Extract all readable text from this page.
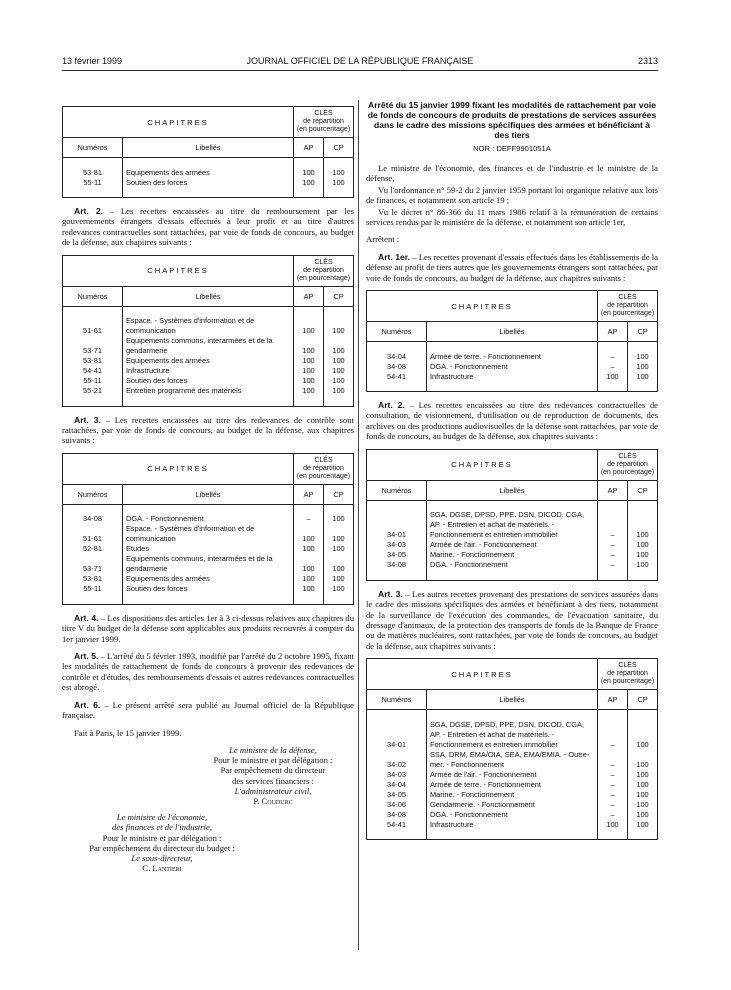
13 février 1999	JOURNAL OFFICIEL DE LA RÉPUBLIQUE FRANÇAISE	2313
CHAPITRES		CLÉS
de répartition
(en pourcentage)	

Numéros	Libellés	AP	CP

53-81	Equipements des armées	100	100
55-11	Soutien des forces	100	100

Art. 2. – Les recettes encaissées au titre du remboursement par les gouvernements étrangers d'essais effectués à leur profit et au titre d'autres redevances contractuelles sont rattachées, par voie de fonds de concours, au budget de la défense, aux chapitres suivants :

CHAPITRES		CLÉS
de répartition
(en pourcentage)	

Numéros	Libellés	AP	CP

51-61	Espace. - Systèmes d'information et de communication	100	100
53-71	Equipements communs, interarmées et de la gendarmerie	100	100
53-81	Equipements des armées	100	100
54-41	Infrastructure	100	100
55-11	Soutien des forces	100	100
55-21	Entretien programmé des matériels	100	100

Art. 3. – Les recettes encaissées au titre des redevances de contrôle sont rattachées, par voie de fonds de concours, au budget de la défense, aux chapitres suivants :

CHAPITRES		CLÉS
de répartition
(en pourcentage)	

Numéros	Libellés	AP	CP

34-08	DGA. - Fonctionnement	–	100
51-61	Espace. - Systèmes d'information et de communication	100	100
52-81	Etudes	100	100
53-71	Equipements communs, interarmées et de la gendarmerie	100	100
53-81	Equipements des armées	100	100
55-11	Soutien des forces	100	100

Art. 4. – Les dispositions des articles 1er à 3 ci-dessus relatives aux chapitres du titre V du budget de la défense sont applicables aux produits recouvrés à compter du 1er janvier 1999.

Art. 5. – L'arrêté du 5 février 1993, modifié par l'arrêté du 2 octobre 1995, fixant les modalités de rattachement de fonds de concours à provenir des redevances de contrôle et d'études, des remboursements d'essais et autres redevances contractuelles est abrogé.

Art. 6. – Le présent arrêté sera publié au Journal officiel de la République française.

Fait à Paris, le 15 janvier 1999.

Le ministre de la défense,
Pour le ministre et par délégation :
Par empêchement du directeur
des services financiers :
L'administrateur civil,
P. Coudurc
Le ministre de l'économie,
des finances et de l'industrie,
Pour le ministre et par délégation :
Par empêchement du directeur du budget :
Le sous-directeur,
C. Lantieri
Arrêté du 15 janvier 1999 fixant les modalités de rattachement par voie de fonds de concours de produits de prestations de services assurées dans le cadre des missions spécifiques des armées et bénéficiant à des tiers
NOR : DEFF9901051A

Le ministre de l'économie, des finances et de l'industrie et le ministre de la défense,

Vu l'ordonnance n° 59-2 du 2 janvier 1959 portant loi organique relative aux lois de finances, et notamment son article 19 ;

Vu le décret n° 86-366 du 11 mars 1986 relatif à la rémunération de certains services rendus par le ministère de la défense, et notamment son article 1er,

Arrêtent :

Art. 1er. – Les recettes provenant d'essais effectués dans les établissements de la défense au profit de tiers autres que les gouvernements étrangers sont rattachées, par voie de fonds de concours, au budget de la défense, aux chapitres suivants :

CHAPITRES		CLÉS
de répartition
(en pourcentage)	

Numéros	Libellés	AP	CP

34-04	Armée de terre. - Fonctionnement	–	100
34-08	DGA. - Fonctionnement	–	100
54-41	Infrastructure	100	100

Art. 2. – Les recettes encaissées au titre des redevances contractuelles de consultation, de visionnement, d'utilisation ou de reproduction de documents, des archives ou des productions audiovisuelles de la défense sont rattachées, par voie de fonds de concours, au budget de la défense, aux chapitres suivants :

CHAPITRES		CLÉS
de répartition
(en pourcentage)	

Numéros	Libellés	AP	CP

34-01	SGA, DGSE, DPSD, PPE, DSN, DICOD, CGA, AP. - Entretien et achat de matériels. - Fonctionnement et entretien immobilier	–	100
34-03	Armée de l'air. - Fonctionnement	–	100
34-05	Marine. - Fonctionnement	–	100
34-08	DGA. - Fonctionnement	–	100

Art. 3. – Les autres recettes provenant des prestations de services assurées dans le cadre des missions spécifiques des armées et bénéficiant à des tiers, notamment de la surveillance de l'exécution des commandes, de l'évacuation sanitaire, du dressage d'animaux, de la protection des transports de fonds de la Banque de France ou de matières nucléaires, sont rattachées, par voie de fonds de concours, au budget de la défense, aux chapitres suivants :

CHAPITRES		CLÉS
de répartition
(en pourcentage)	

Numéros	Libellés	AP	CP

34-01	SGA, DGSE, DPSD, PPE, DSN, DICOD, CGA, AP. - Entretien et achat de matériels. - Fonctionnement et entretien immobilier	–	100
34-02	SSA, DRM, EMA/OIA, SEA, EMA/EMIA. - Outre-mer. - Fonctionnement	–	100
34-03	Armée de l'air. - Fonctionnement	–	100
34-04	Armée de terre. - Fonctionnement	–	100
34-05	Marine. - Fonctionnement	–	100
34-06	Gendarmerie. - Fonctionnement	–	100
34-08	DGA. - Fonctionnement	–	100
54-41	Infrastructure	100	100
